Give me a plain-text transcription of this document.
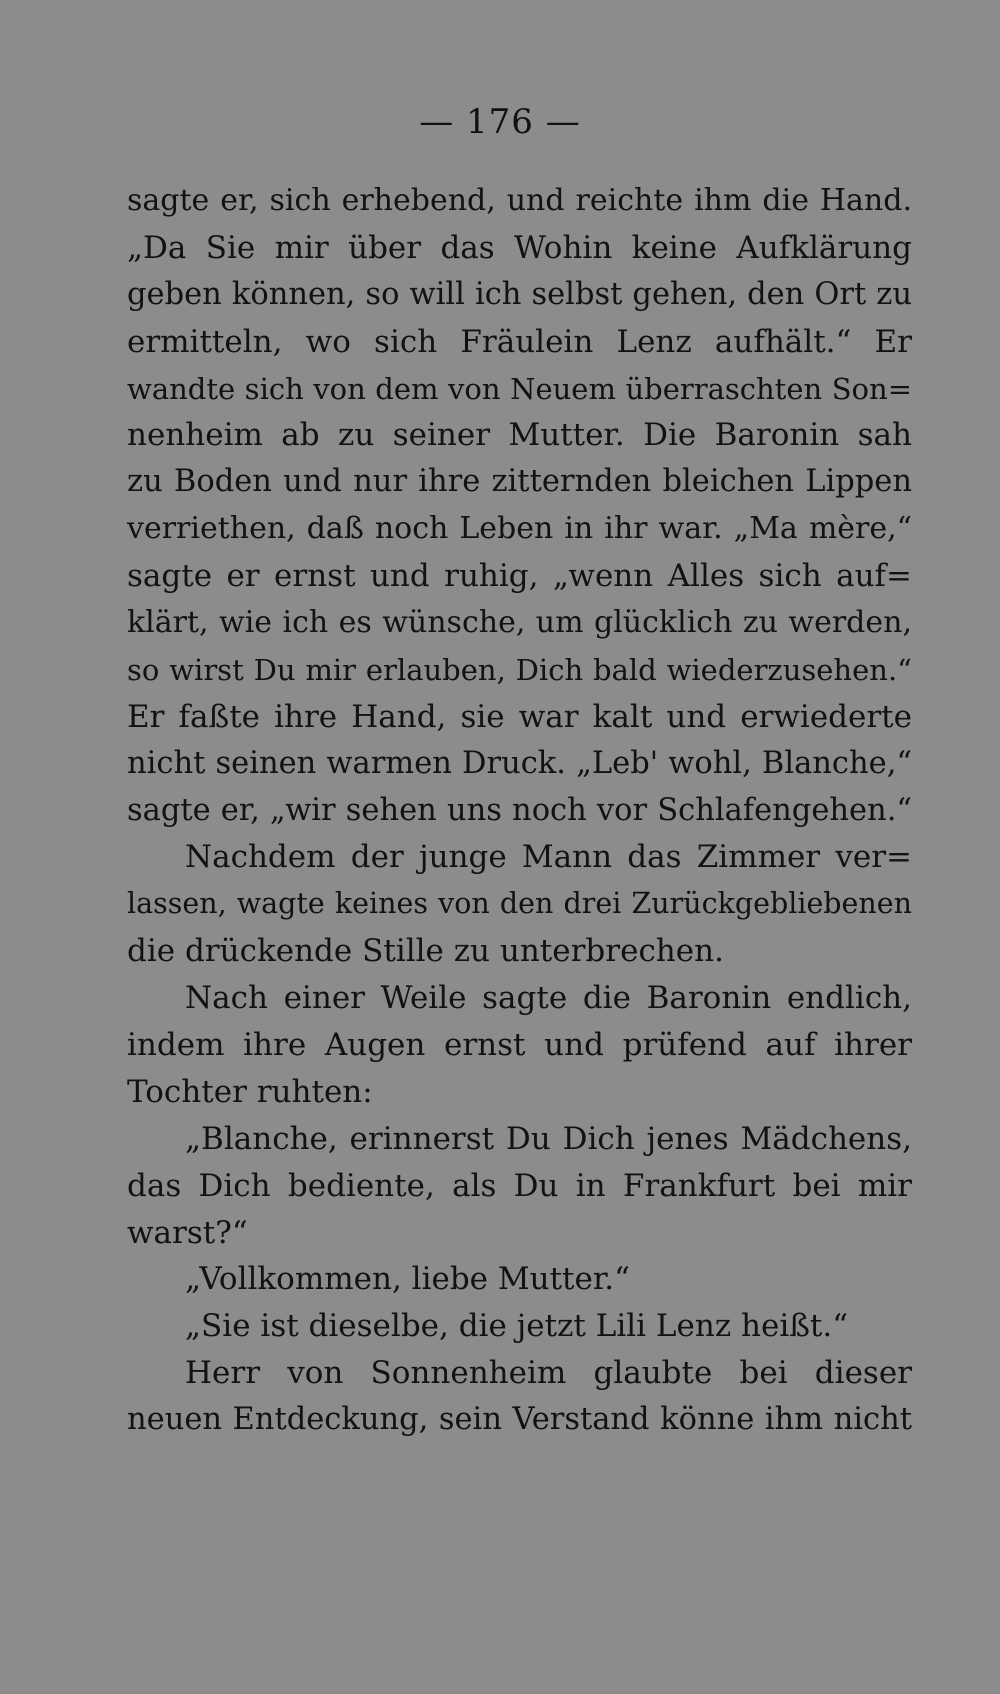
— 176 —
sagte er, sich erhebend, und reichte ihm die Hand.
„Da Sie mir über das Wohin keine Aufklärung
geben können, so will ich selbst gehen, den Ort zu
ermitteln, wo sich Fräulein Lenz aufhält.“ Er
wandte sich von dem von Neuem überraschten Son=
nenheim ab zu seiner Mutter. Die Baronin sah
zu Boden und nur ihre zitternden bleichen Lippen
verriethen, daß noch Leben in ihr war. „Ma mère,“
sagte er ernst und ruhig, „wenn Alles sich auf=
klärt, wie ich es wünsche, um glücklich zu werden,
so wirst Du mir erlauben, Dich bald wiederzusehen.“
Er faßte ihre Hand, sie war kalt und erwiederte
nicht seinen warmen Druck. „Leb' wohl, Blanche,“
sagte er, „wir sehen uns noch vor Schlafengehen.“
Nachdem der junge Mann das Zimmer ver=
lassen, wagte keines von den drei Zurückgebliebenen
die drückende Stille zu unterbrechen.
Nach einer Weile sagte die Baronin endlich,
indem ihre Augen ernst und prüfend auf ihrer
Tochter ruhten:
„Blanche, erinnerst Du Dich jenes Mädchens,
das Dich bediente, als Du in Frankfurt bei mir
warst?“
„Vollkommen, liebe Mutter.“
„Sie ist dieselbe, die jetzt Lili Lenz heißt.“
Herr von Sonnenheim glaubte bei dieser
neuen Entdeckung, sein Verstand könne ihm nicht
